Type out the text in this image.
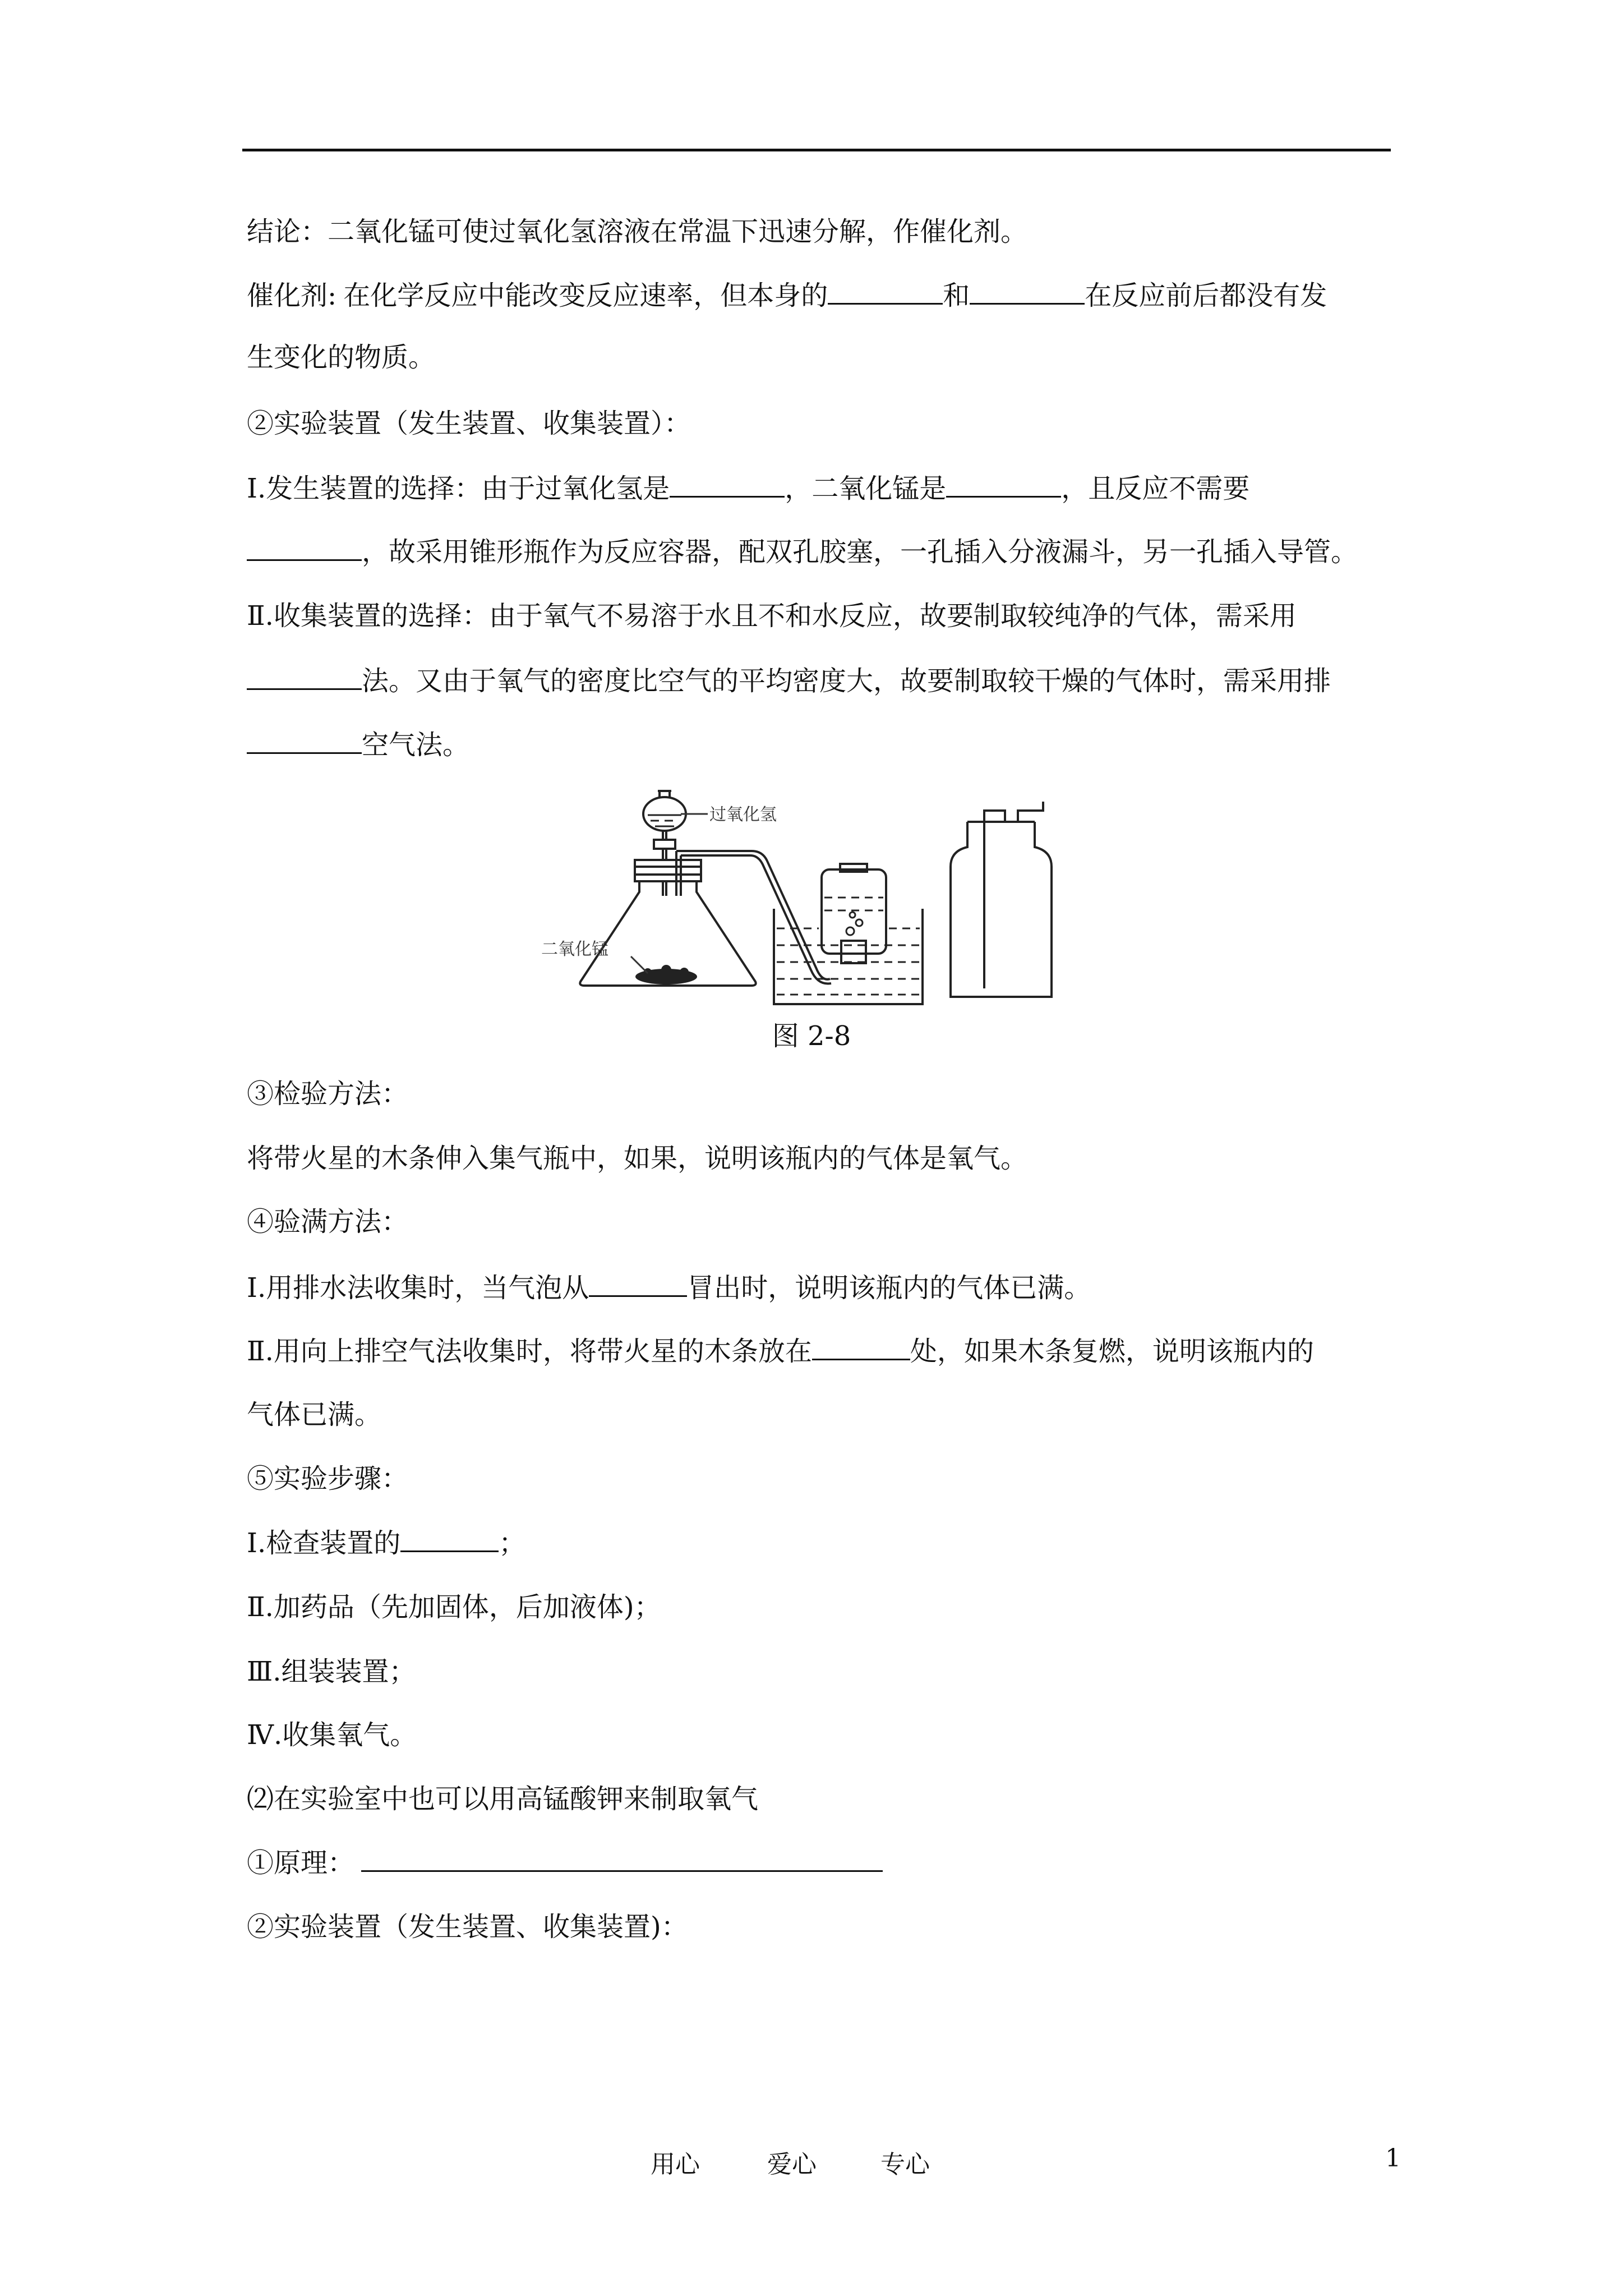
结论：二氧化锰可使过氧化氢溶液在常温下迅速分解，作催化剂。
催化剂: 在化学反应中能改变反应速率，但本身的	和	在反应前后都没有发
生变化的物质。
②实验装置（发生装置、收集装置）：
Ⅰ.发生装置的选择：由于过氧化氢是	，二氧化锰是	，且反应不需要
，故采用锥形瓶作为反应容器，配双孔胶塞，一孔插入分液漏斗，另一孔插入导管。
Ⅱ.收集装置的选择：由于氧气不易溶于水且不和水反应，故要制取较纯净的气体，需采用
法。又由于氧气的密度比空气的平均密度大，故要制取较干燥的气体时，需采用排
空气法。
过氧化氢
二氧化锰
图 2-8
③检验方法：
将带火星的木条伸入集气瓶中，如果，说明该瓶内的气体是氧气。
④验满方法：
Ⅰ.用排水法收集时，当气泡从	冒出时，说明该瓶内的气体已满。
Ⅱ.用向上排空气法收集时，将带火星的木条放在	处，如果木条复燃，说明该瓶内的
气体已满。
⑤实验步骤：
Ⅰ.检查装置的	；
Ⅱ.加药品（先加固体，后加液体)；
Ⅲ.组装装置；
Ⅳ.收集氧气。
⑵在实验室中也可以用高锰酸钾来制取氧气
①原理：
②实验装置（发生装置、收集装置)：
用心	爱心	专心	1
